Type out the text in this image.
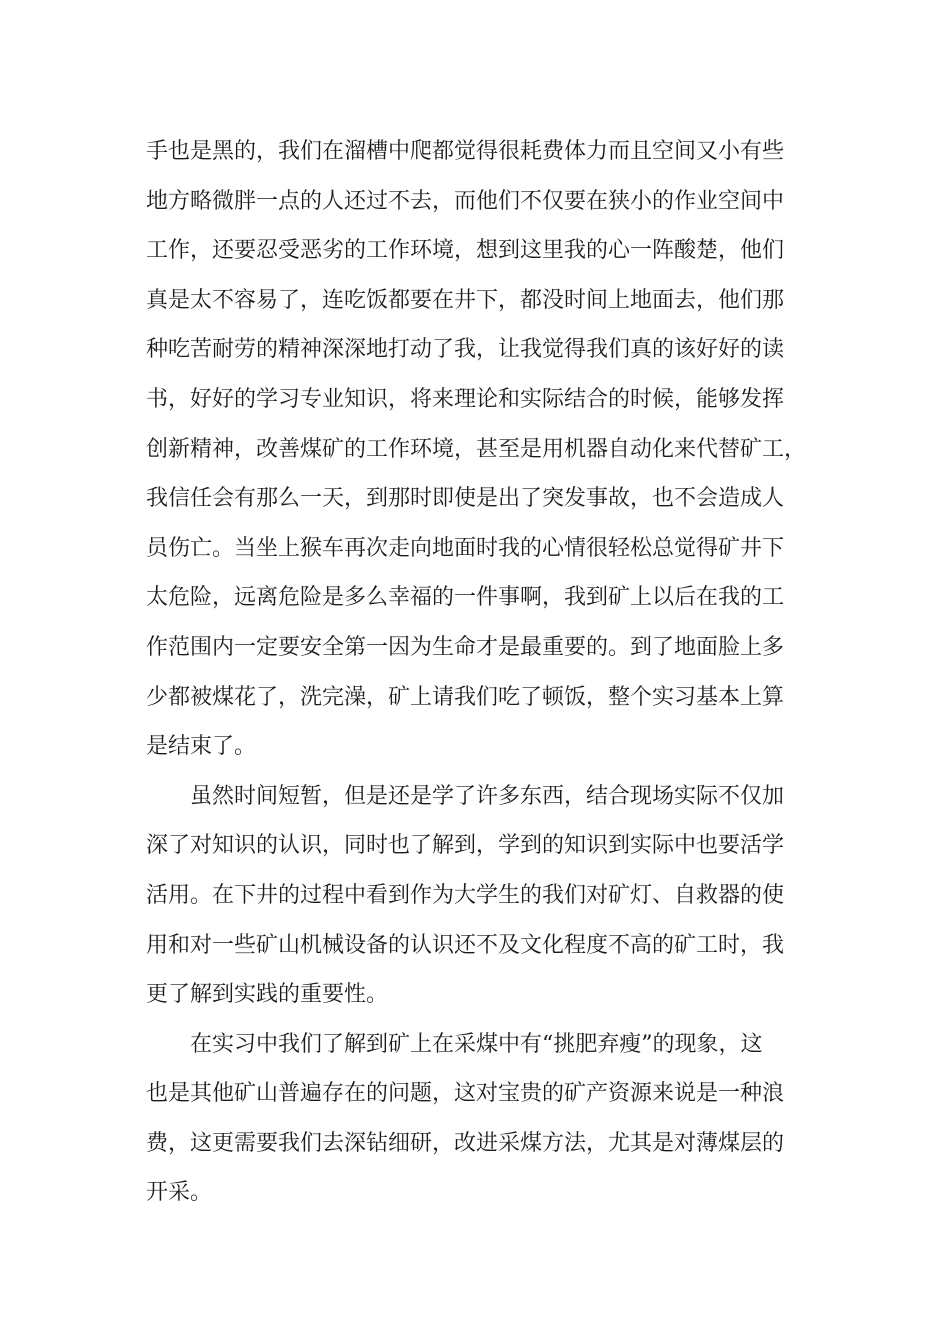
手也是黑的，我们在溜槽中爬都觉得很耗费体力而且空间又小有些
地方略微胖一点的人还过不去，而他们不仅要在狭小的作业空间中
工作，还要忍受恶劣的工作环境，想到这里我的心一阵酸楚，他们
真是太不容易了，连吃饭都要在井下，都没时间上地面去，他们那
种吃苦耐劳的精神深深地打动了我，让我觉得我们真的该好好的读
书，好好的学习专业知识，将来理论和实际结合的时候，能够发挥
创新精神，改善煤矿的工作环境，甚至是用机器自动化来代替矿工，
我信任会有那么一天，到那时即使是出了突发事故，也不会造成人
员伤亡。当坐上猴车再次走向地面时我的心情很轻松总觉得矿井下
太危险，远离危险是多么幸福的一件事啊，我到矿上以后在我的工
作范围内一定要安全第一因为生命才是最重要的。到了地面脸上多
少都被煤花了，洗完澡，矿上请我们吃了顿饭，整个实习基本上算
是结束了。
　　虽然时间短暂，但是还是学了许多东西，结合现场实际不仅加
深了对知识的认识，同时也了解到，学到的知识到实际中也要活学
活用。在下井的过程中看到作为大学生的我们对矿灯、自救器的使
用和对一些矿山机械设备的认识还不及文化程度不高的矿工时，我
更了解到实践的重要性。
　　在实习中我们了解到矿上在采煤中有“挑肥弃瘦”的现象，这
也是其他矿山普遍存在的问题，这对宝贵的矿产资源来说是一种浪
费，这更需要我们去深钻细研，改进采煤方法，尤其是对薄煤层的
开采。
